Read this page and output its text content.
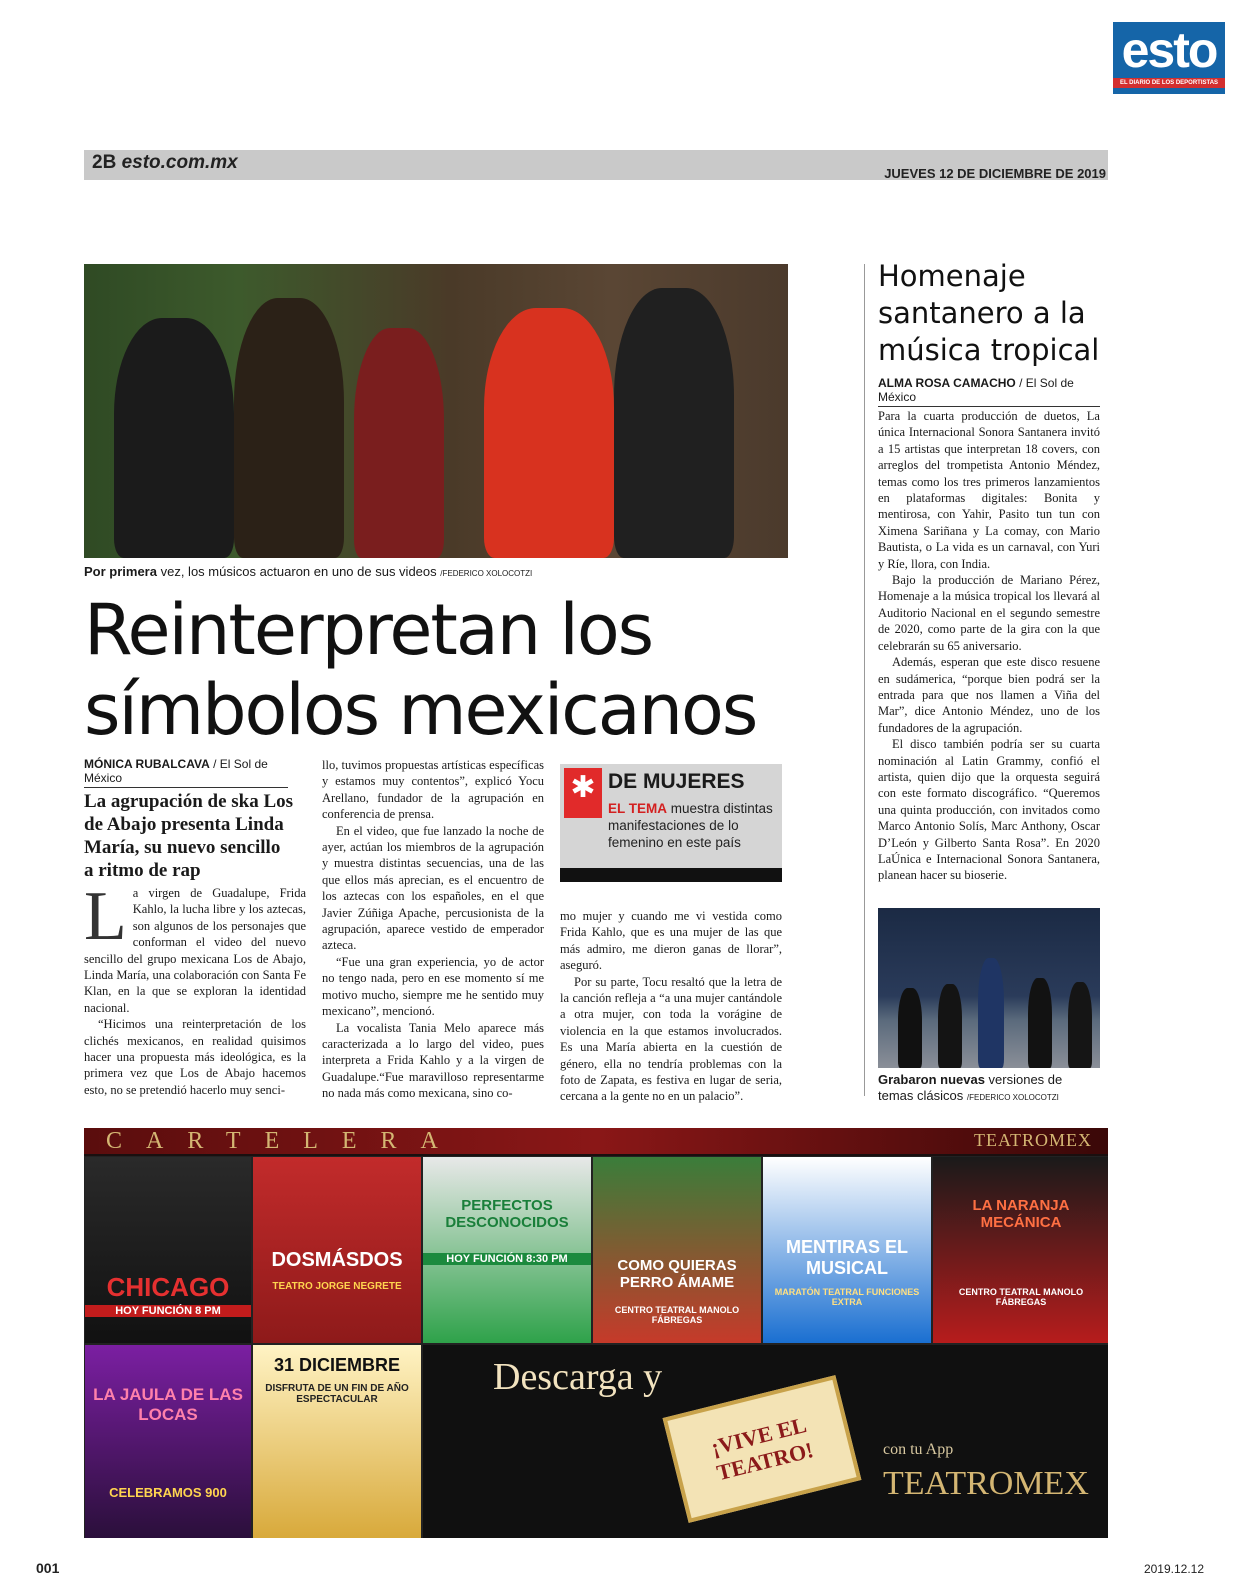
esto
EL DIARIO DE LOS DEPORTISTAS
2B esto.com.mx
JUEVES 12 DE DICIEMBRE DE 2019
Por primera vez, los músicos actuaron en uno de sus videos /FEDERICO XOLOCOTZI
Reinterpretan los símbolos mexicanos
MÓNICA RUBALCAVA / El Sol de México
La agrupación de ska Los de Abajo presenta Linda María, su nuevo sencillo a ritmo de rap

La virgen de Guadalupe, Frida Kahlo, la lucha libre y los aztecas, son algunos de los personajes que conforman el video del nuevo sencillo del grupo mexicana Los de Abajo, Linda María, una colaboración con Santa Fe Klan, en la que se exploran la identidad nacional.

“Hicimos una reinterpretación de los clichés mexicanos, en realidad quisimos hacer una propuesta más ideológica, es la primera vez que Los de Abajo hacemos esto, no se pretendió hacerlo muy senci-

llo, tuvimos propuestas artísticas específicas y estamos muy contentos”, explicó Yocu Arellano, fundador de la agrupación en conferencia de prensa.

En el video, que fue lanzado la noche de ayer, actúan los miembros de la agrupación y muestra distintas secuencias, una de las que ellos más aprecian, es el encuentro de los aztecas con los españoles, en el que Javier Zúñiga Apache, percusionista de la agrupación, aparece vestido de emperador azteca.

“Fue una gran experiencia, yo de actor no tengo nada, pero en ese momento sí me motivo mucho, siempre me he sentido muy mexicano”, mencionó.

La vocalista Tania Melo aparece más caracterizada a lo largo del video, pues interpreta a Frida Kahlo y a la virgen de Guadalupe.“Fue maravilloso representarme no nada más como mexicana, sino co-

✱ DE MUJERES
EL TEMA muestra distintas manifestaciones de lo femenino en este país

mo mujer y cuando me vi vestida como Frida Kahlo, que es una mujer de las que más admiro, me dieron ganas de llorar”, aseguró.

Por su parte, Tocu resaltó que la letra de la canción refleja a “a una mujer cantándole a otra mujer, con toda la vorágine de violencia en la que estamos involucrados. Es una María abierta en la cuestión de género, ella no tendría problemas con la foto de Zapata, es festiva en lugar de seria, cercana a la gente no en un palacio”.

Homenaje santanero a la música tropical
ALMA ROSA CAMACHO / El Sol de México

Para la cuarta producción de duetos, La única Internacional Sonora Santanera invitó a 15 artistas que interpretan 18 covers, con arreglos del trompetista Antonio Méndez, temas como los tres primeros lanzamientos en plataformas digitales: Bonita y mentirosa, con Yahir, Pasito tun tun con Ximena Sariñana y La comay, con Mario Bautista, o La vida es un carnaval, con Yuri y Ríe, llora, con India.

Bajo la producción de Mariano Pérez, Homenaje a la música tropical los llevará al Auditorio Nacional en el segundo semestre de 2020, como parte de la gira con la que celebrarán su 65 aniversario.

Además, esperan que este disco resuene en sudámerica, “porque bien podrá ser la entrada para que nos llamen a Viña del Mar”, dice Antonio Méndez, uno de los fundadores de la agrupación.

El disco también podría ser su cuarta nominación al Latin Grammy, confió el artista, quien dijo que la orquesta seguirá con este formato discográfico. “Queremos una quinta producción, con invitados como Marco Antonio Solís, Marc Anthony, Oscar D’León y Gilberto Santa Rosa”. En 2020 LaÚnica e Internacional Sonora Santanera, planean hacer su bioserie.

Grabaron nuevas versiones de temas clásicos /FEDERICO XOLOCOTZI
CARTELERA	TEATROMEX
CHICAGO
HOY FUNCIÓN 8 PM
DOSMÁSDOS
TEATRO JORGE NEGRETE
PERFECTOS DESCONOCIDOS
HOY FUNCIÓN 8:30 PM	COMO QUIERAS PERRO ÁMAME
CENTRO TEATRAL MANOLO FÁBREGAS
MENTIRAS EL MUSICAL
MARATÓN TEATRAL FUNCIONES EXTRA
LA NARANJA MECÁNICA
CENTRO TEATRAL MANOLO FÁBREGAS
LA JAULA DE LAS LOCAS
CELEBRAMOS 900
31 DICIEMBRE
DISFRUTA DE UN FIN DE AÑO ESPECTACULAR
Descarga y
¡VIVE EL TEATRO!	con tu App
TEATROMEX
001	2019.12.12
